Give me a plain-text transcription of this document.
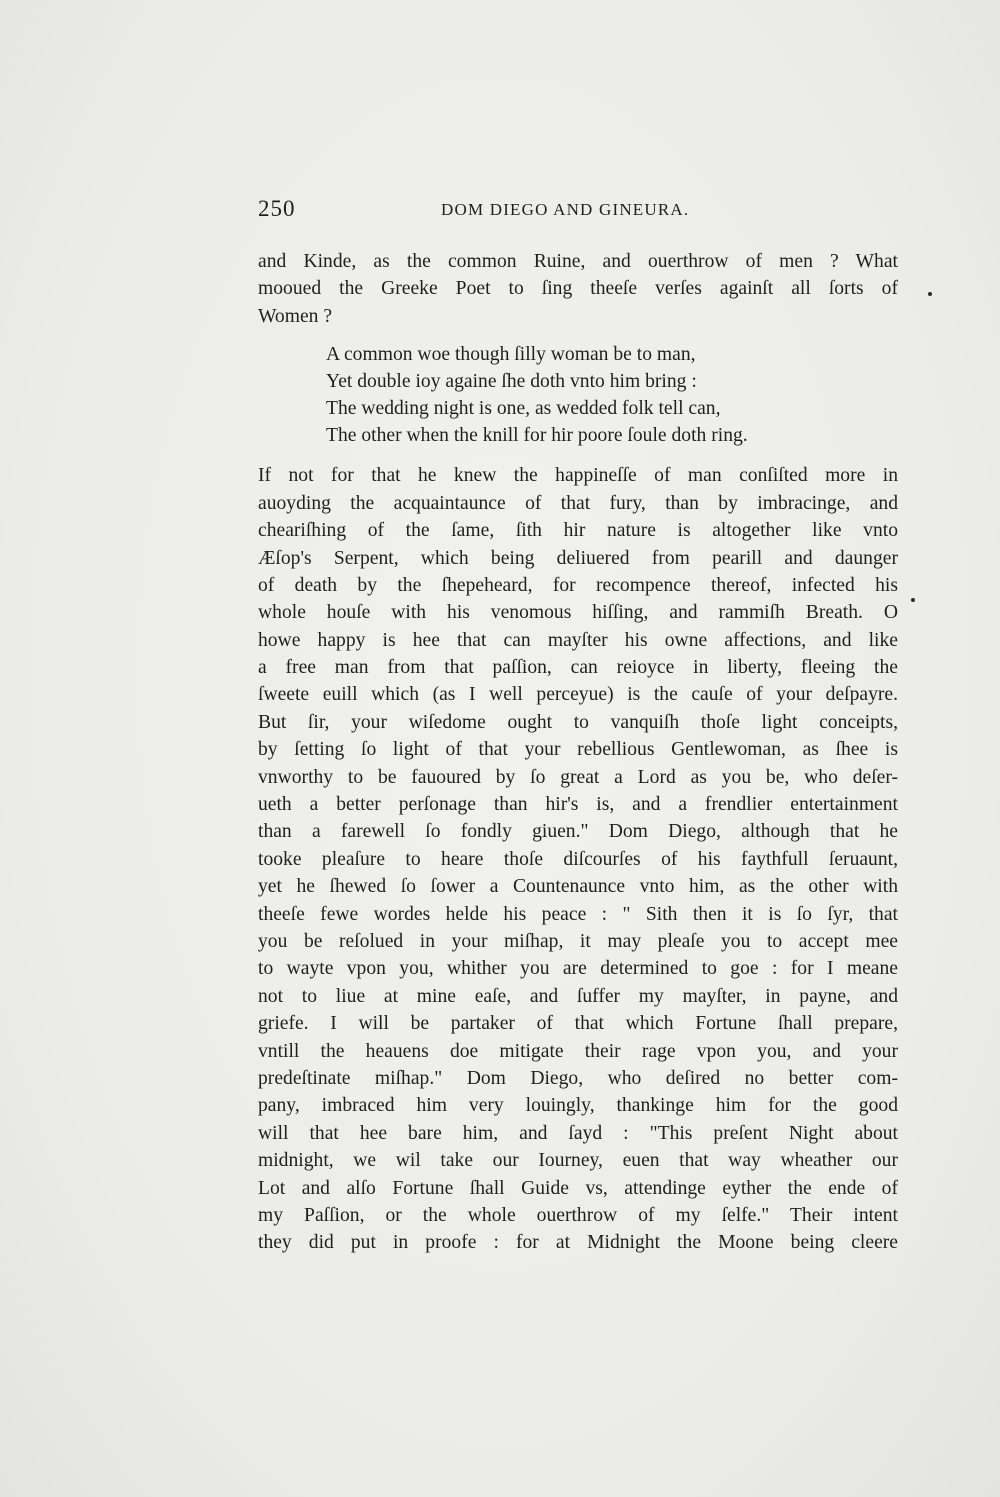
250	DOM DIEGO AND GINEURA.
and Kinde, as the common Ruine, and ouerthrow of men ? What
mooued the Greeke Poet to ſing theeſe verſes againſt all ſorts of
Women ?
A common woe though ſilly woman be to man,
Yet double ioy againe ſhe doth vnto him bring :
The wedding night is one, as wedded folk tell can,
The other when the knill for hir poore ſoule doth ring.
If not for that he knew the happineſſe of man conſiſted more in
auoyding the acquaintaunce of that fury, than by imbracinge, and
cheariſhing of the ſame, ſith hir nature is altogether like vnto
Æſop's Serpent, which being deliuered from pearill and daunger
of death by the ſhepeheard, for recompence thereof, infected his
whole houſe with his venomous hiſſing, and rammiſh Breath. O
howe happy is hee that can mayſter his owne affections, and like
a free man from that paſſion, can reioyce in liberty, fleeing the
ſweete euill which (as I well perceyue) is the cauſe of your deſpayre.
But ſir, your wiſedome ought to vanquiſh thoſe light conceipts,
by ſetting ſo light of that your rebellious Gentlewoman, as ſhee is
vnworthy to be fauoured by ſo great a Lord as you be, who deſer-
ueth a better perſonage than hir's is, and a frendlier entertainment
than a farewell ſo fondly giuen." Dom Diego, although that he
tooke pleaſure to heare thoſe diſcourſes of his faythfull ſeruaunt,
yet he ſhewed ſo ſower a Countenaunce vnto him, as the other with
theeſe fewe wordes helde his peace : " Sith then it is ſo ſyr, that
you be reſolued in your miſhap, it may pleaſe you to accept mee
to wayte vpon you, whither you are determined to goe : for I meane
not to liue at mine eaſe, and ſuffer my mayſter, in payne, and
griefe. I will be partaker of that which Fortune ſhall prepare,
vntill the heauens doe mitigate their rage vpon you, and your
predeſtinate miſhap." Dom Diego, who deſired no better com-
pany, imbraced him very louingly, thankinge him for the good
will that hee bare him, and ſayd : "This preſent Night about
midnight, we wil take our Iourney, euen that way wheather our
Lot and alſo Fortune ſhall Guide vs, attendinge eyther the ende of
my Paſſion, or the whole ouerthrow of my ſelfe." Their intent
they did put in proofe : for at Midnight the Moone being cleere
